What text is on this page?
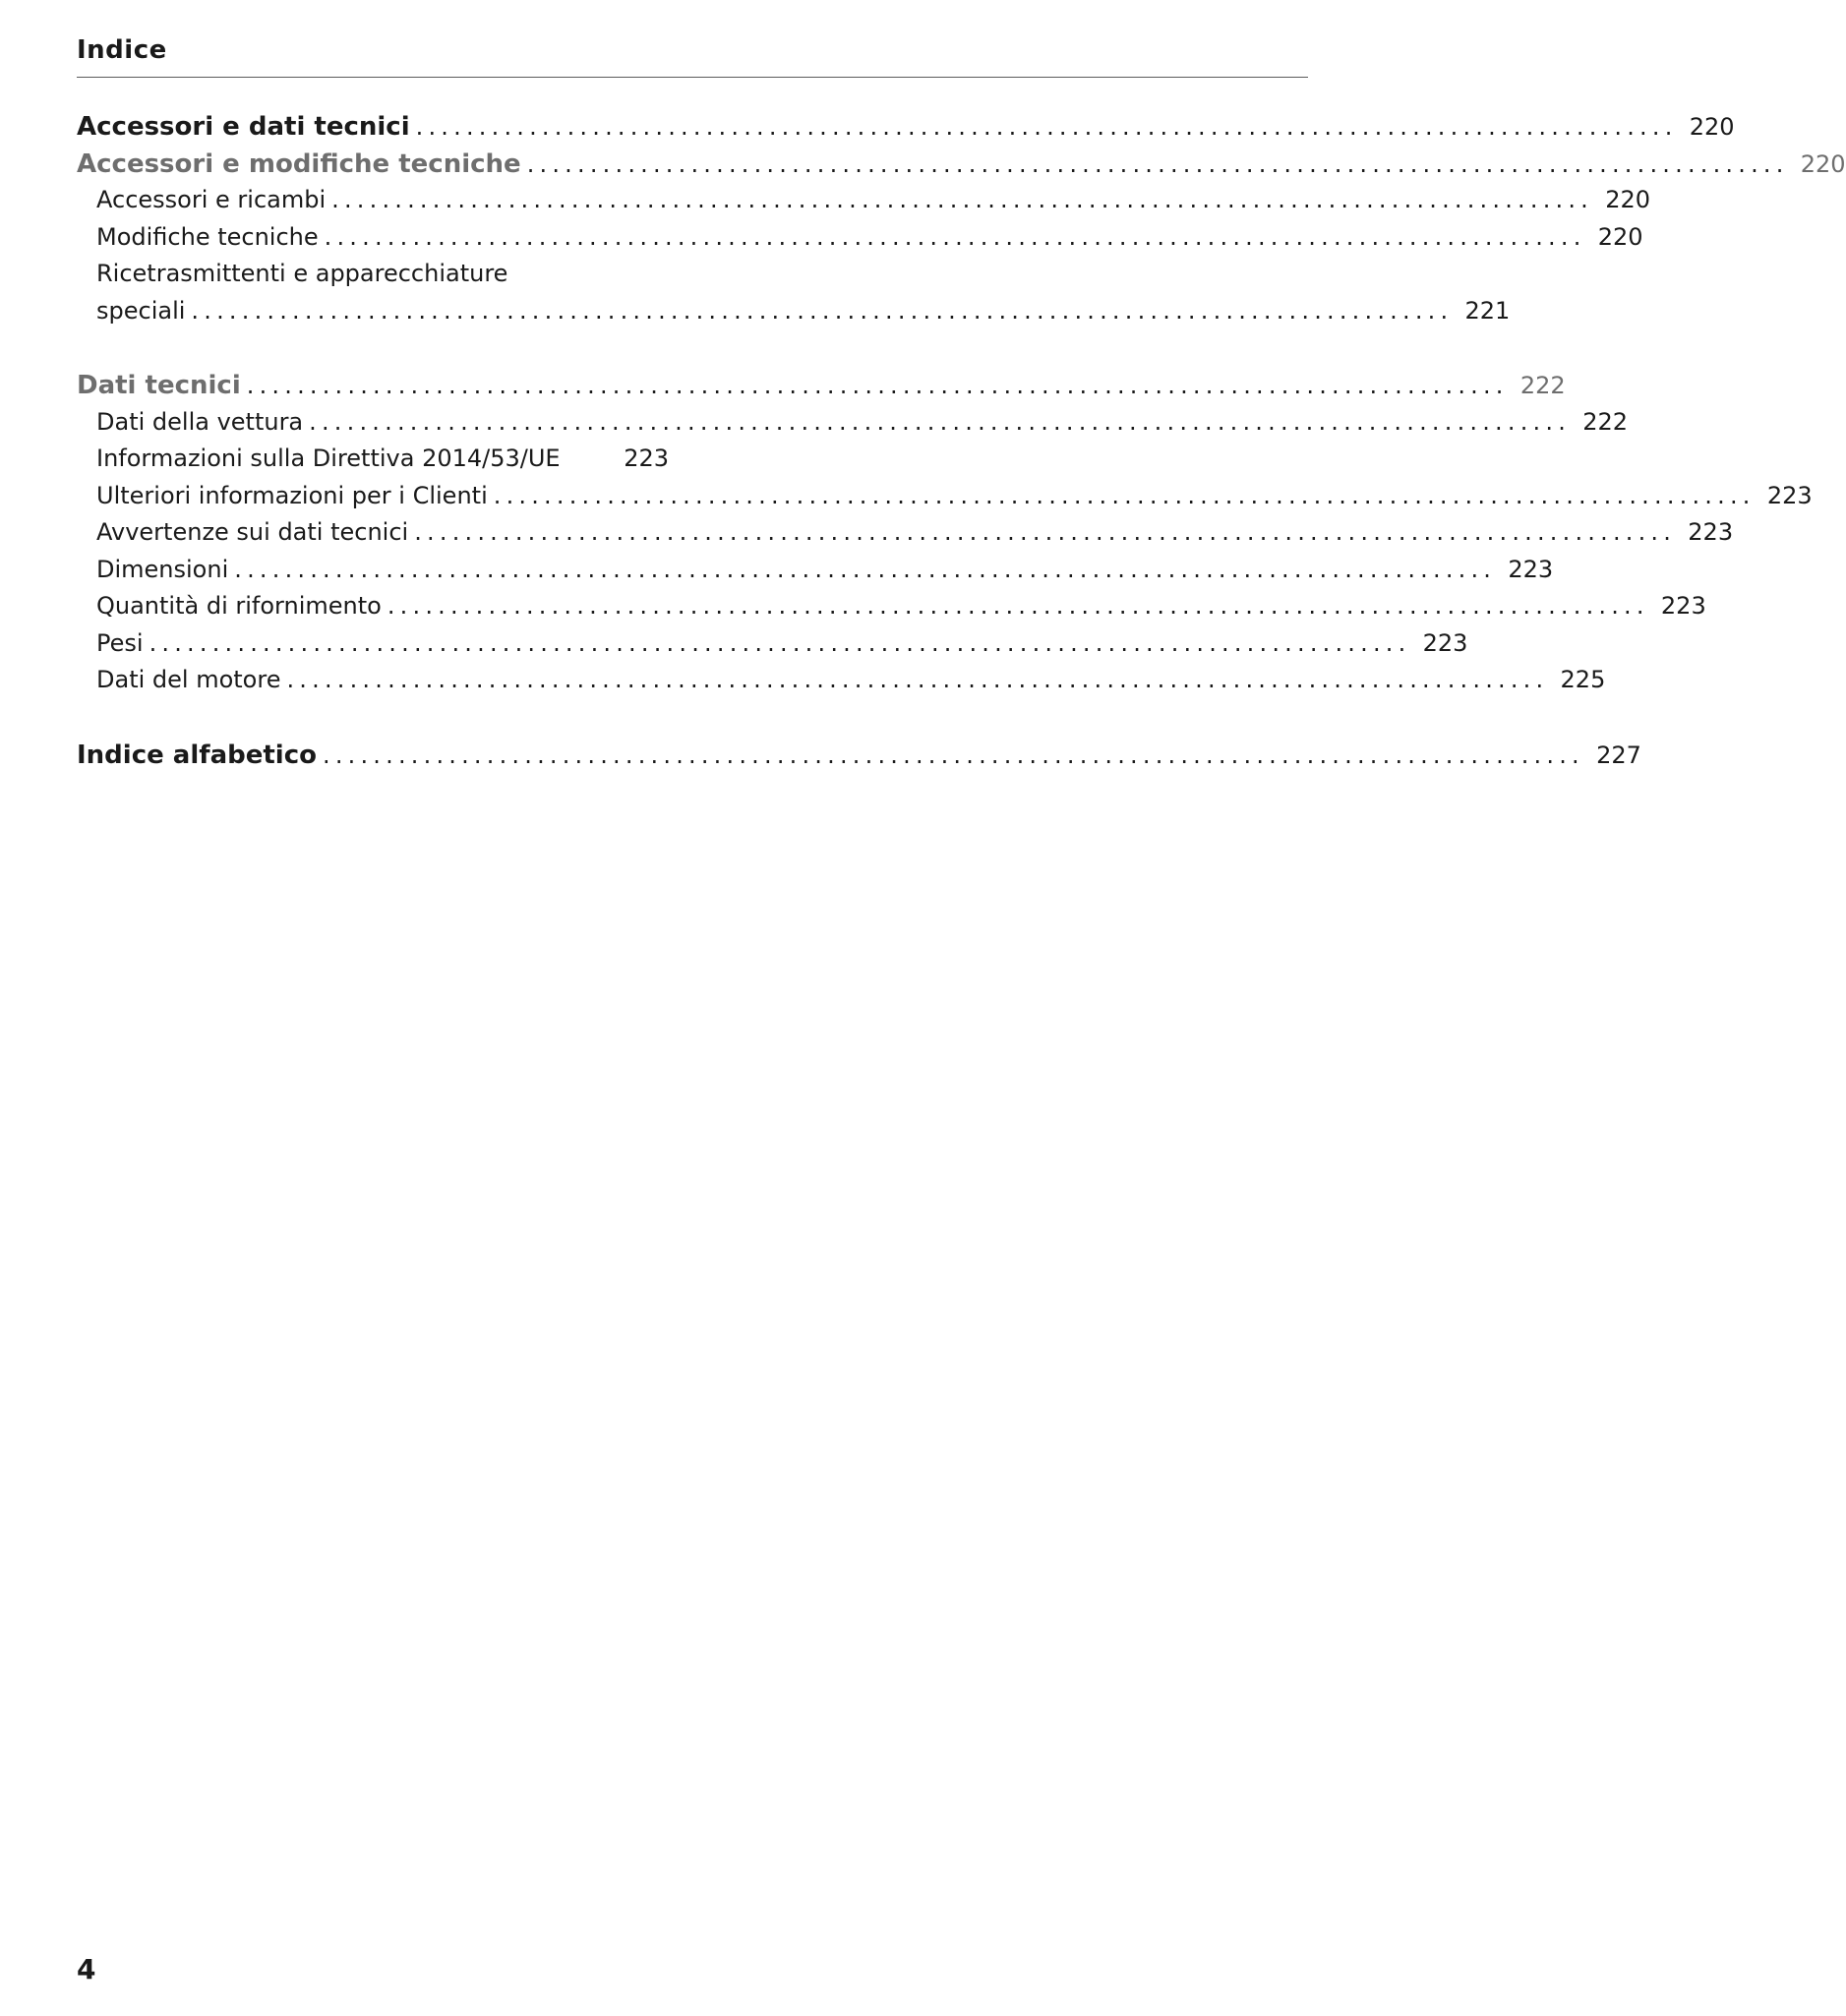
Indice
Accessori e dati tecnici .................................................................................................... 220
Accessori e modifiche tecniche .................................................................................................... 220
Accessori e ricambi .................................................................................................... 220
Modifiche tecniche .................................................................................................... 220
Ricetrasmittenti e apparecchiature
speciali .................................................................................................... 221
Dati tecnici .................................................................................................... 222
Dati della vettura .................................................................................................... 222
Informazioni sulla Direttiva 2014/53/UE	223
Ulteriori informazioni per i Clienti .................................................................................................... 223
Avvertenze sui dati tecnici .................................................................................................... 223
Dimensioni .................................................................................................... 223
Quantità di rifornimento .................................................................................................... 223
Pesi .................................................................................................... 223
Dati del motore .................................................................................................... 225
Indice alfabetico .................................................................................................... 227
4
